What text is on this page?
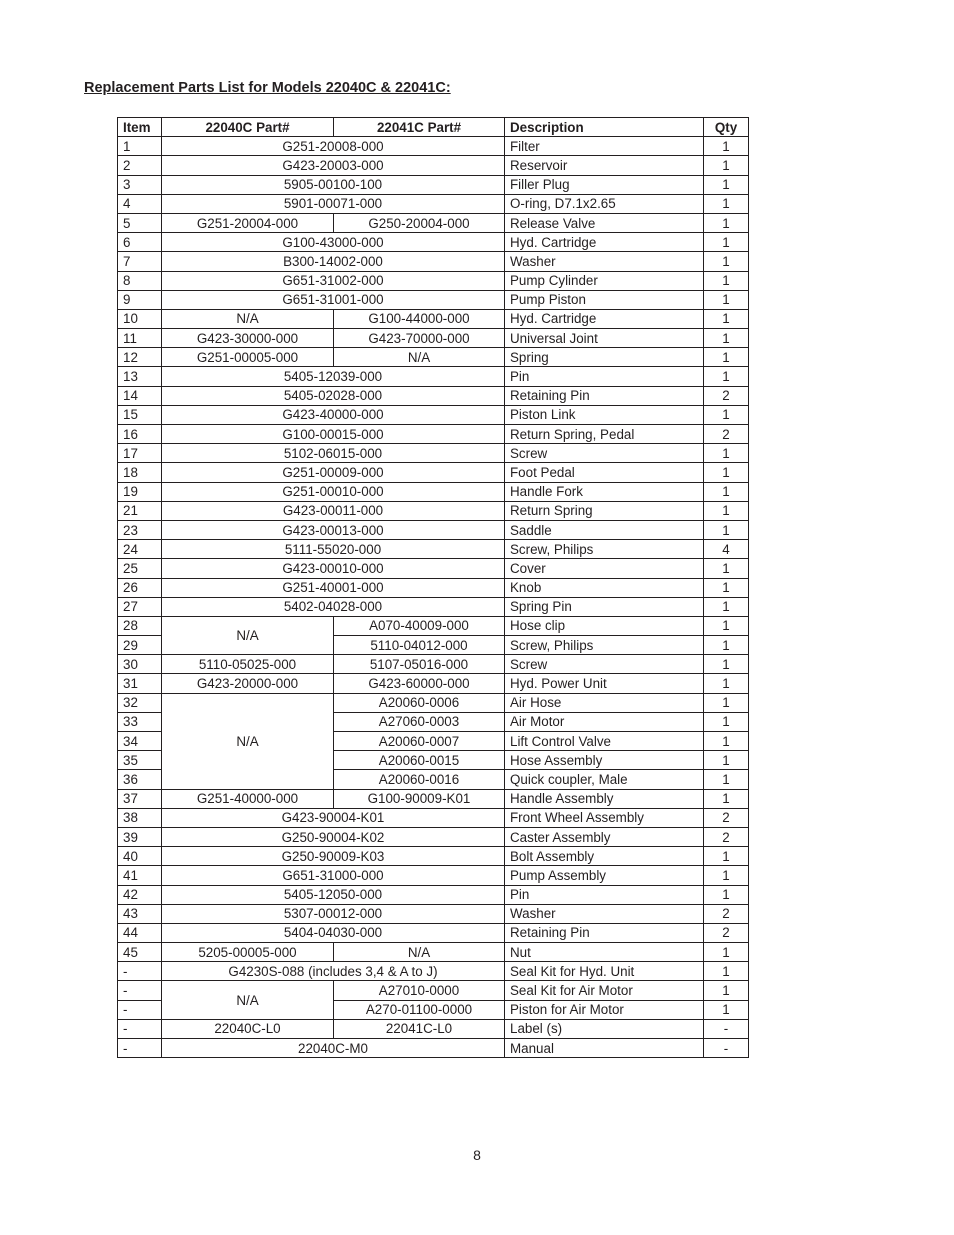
Replacement Parts List for Models 22040C & 22041C:
Item	22040C Part#	22041C Part#	Description	Qty
1	G251-20008-000		Filter	1
2	G423-20003-000		Reservoir	1
3	5905-00100-100		Filler Plug	1
4	5901-00071-000		O-ring, D7.1x2.65	1
5	G251-20004-000	G250-20004-000	Release Valve	1
6	G100-43000-000		Hyd. Cartridge	1
7	B300-14002-000		Washer	1
8	G651-31002-000		Pump Cylinder	1
9	G651-31001-000		Pump Piston	1
10	N/A	G100-44000-000	Hyd. Cartridge	1
11	G423-30000-000	G423-70000-000	Universal Joint	1
12	G251-00005-000	N/A	Spring	1
13	5405-12039-000		Pin	1
14	5405-02028-000		Retaining Pin	2
15	G423-40000-000		Piston Link	1
16	G100-00015-000		Return Spring, Pedal	2
17	5102-06015-000		Screw	1
18	G251-00009-000		Foot Pedal	1
19	G251-00010-000		Handle Fork	1
21	G423-00011-000		Return Spring	1
23	G423-00013-000		Saddle	1
24	5111-55020-000		Screw, Philips	4
25	G423-00010-000		Cover	1
26	G251-40001-000		Knob	1
27	5402-04028-000		Spring Pin	1
28	N/A	A070-40009-000	Hose clip	1
29		5110-04012-000	Screw, Philips	1
30	5110-05025-000	5107-05016-000	Screw	1
31	G423-20000-000	G423-60000-000	Hyd. Power Unit	1
32	N/A	A20060-0006	Air Hose	1
33		A27060-0003	Air Motor	1
34		A20060-0007	Lift Control Valve	1
35		A20060-0015	Hose Assembly	1
36		A20060-0016	Quick coupler, Male	1
37	G251-40000-000	G100-90009-K01	Handle Assembly	1
38	G423-90004-K01		Front Wheel Assembly	2
39	G250-90004-K02		Caster Assembly	2
40	G250-90009-K03		Bolt Assembly	1
41	G651-31000-000		Pump Assembly	1
42	5405-12050-000		Pin	1
43	5307-00012-000		Washer	2
44	5404-04030-000		Retaining Pin	2
45	5205-00005-000	N/A	Nut	1
-	G4230S-088 (includes 3,4 & A to J)		Seal Kit for Hyd. Unit	1
-	N/A	A27010-0000	Seal Kit for Air Motor	1
-		A270-01100-0000	Piston for Air Motor	1
-	22040C-L0	22041C-L0	Label (s)	-
-	22040C-M0		Manual	-
8
